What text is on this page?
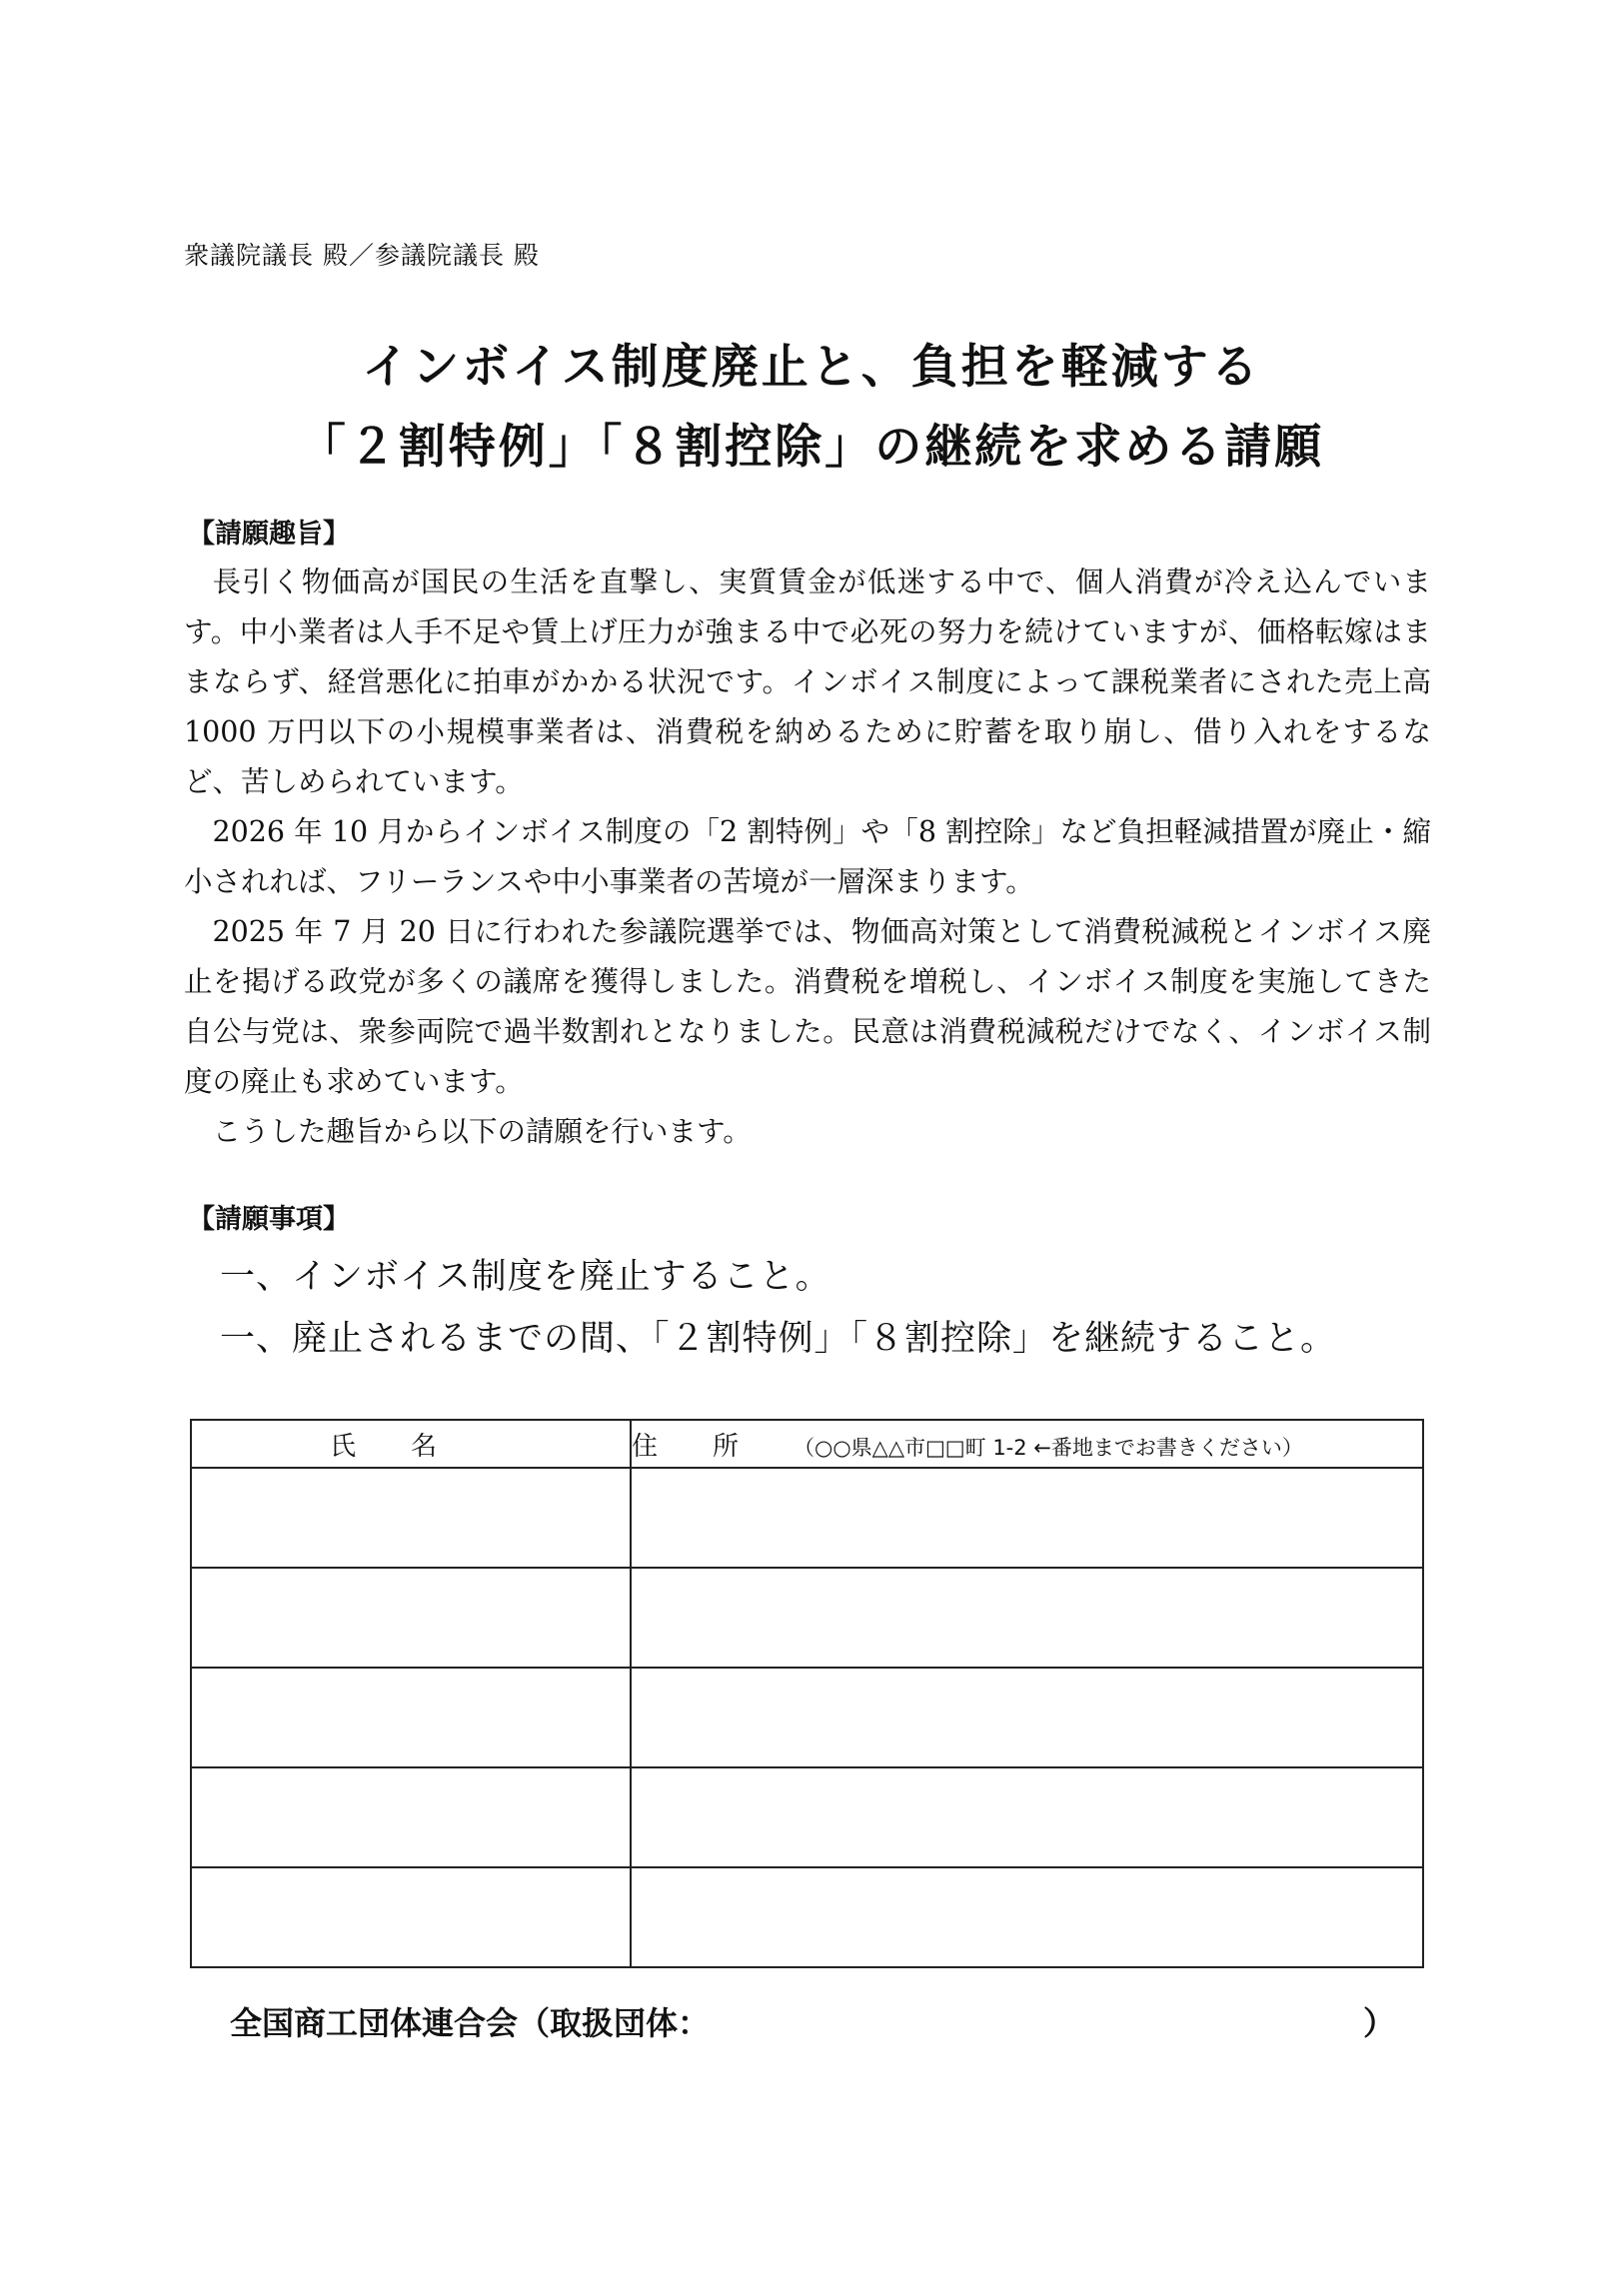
衆議院議長 殿／参議院議長 殿
インボイス制度廃止と、負担を軽減する
「２割特例」「８割控除」の継続を求める請願
【請願趣旨】
長引く物価高が国民の生活を直撃し、実質賃金が低迷する中で、個人消費が冷え込んでいます。中小業者は人手不足や賃上げ圧力が強まる中で必死の努力を続けていますが、価格転嫁はままならず、経営悪化に拍車がかかる状況です。インボイス制度によって課税業者にされた売上高 1000 万円以下の小規模事業者は、消費税を納めるために貯蓄を取り崩し、借り入れをするなど、苦しめられています。
2026 年 10 月からインボイス制度の「2 割特例」や「8 割控除」など負担軽減措置が廃止・縮小されれば、フリーランスや中小事業者の苦境が一層深まります。
2025 年 7 月 20 日に行われた参議院選挙では、物価高対策として消費税減税とインボイス廃止を掲げる政党が多くの議席を獲得しました。消費税を増税し、インボイス制度を実施してきた自公与党は、衆参両院で過半数割れとなりました。民意は消費税減税だけでなく、インボイス制度の廃止も求めています。
こうした趣旨から以下の請願を行います。
【請願事項】
一、インボイス制度を廃止すること。
一、廃止されるまでの間、「２割特例」「８割控除」を継続すること。
氏名	住所（○○県△△市□□町 1-2 ←番地までお書きください）

全国商工団体連合会（取扱団体：	）
